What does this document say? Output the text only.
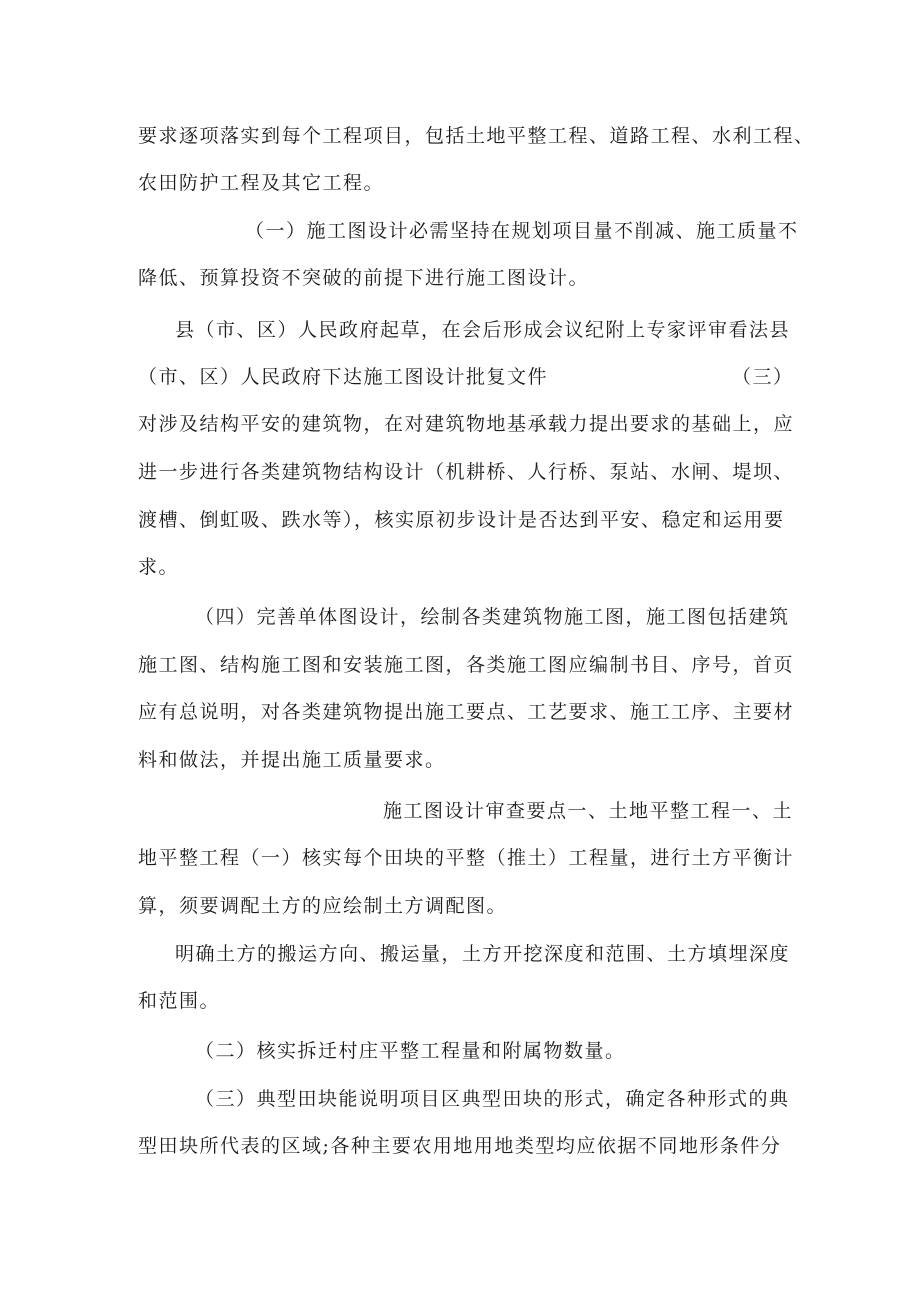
要求逐项落实到每个工程项目，包括土地平整工程、道路工程、水利工程、
农田防护工程及其它工程。
（一）施工图设计必需坚持在规划项目量不削减、施工质量不
降低、预算投资不突破的前提下进行施工图设计。
县（市、区）人民政府起草，在会后形成会议纪附上专家评审看法县
（市、区）人民政府下达施工图设计批复文件	（三）
对涉及结构平安的建筑物，在对建筑物地基承载力提出要求的基础上，应
进一步进行各类建筑物结构设计（机耕桥、人行桥、泵站、水闸、堤坝、
渡槽、倒虹吸、跌水等），核实原初步设计是否达到平安、稳定和运用要
求。
（四）完善单体图设计，绘制各类建筑物施工图，施工图包括建筑
施工图、结构施工图和安装施工图，各类施工图应编制书目、序号，首页
应有总说明，对各类建筑物提出施工要点、工艺要求、施工工序、主要材
料和做法，并提出施工质量要求。
施工图设计审查要点一、土地平整工程一、土
地平整工程（一）核实每个田块的平整（推土）工程量，进行土方平衡计
算，须要调配土方的应绘制土方调配图。
明确土方的搬运方向、搬运量，土方开挖深度和范围、土方填埋深度
和范围。
（二）核实拆迁村庄平整工程量和附属物数量。
（三）典型田块能说明项目区典型田块的形式，确定各种形式的典
型田块所代表的区域;各种主要农用地用地类型均应依据不同地形条件分
